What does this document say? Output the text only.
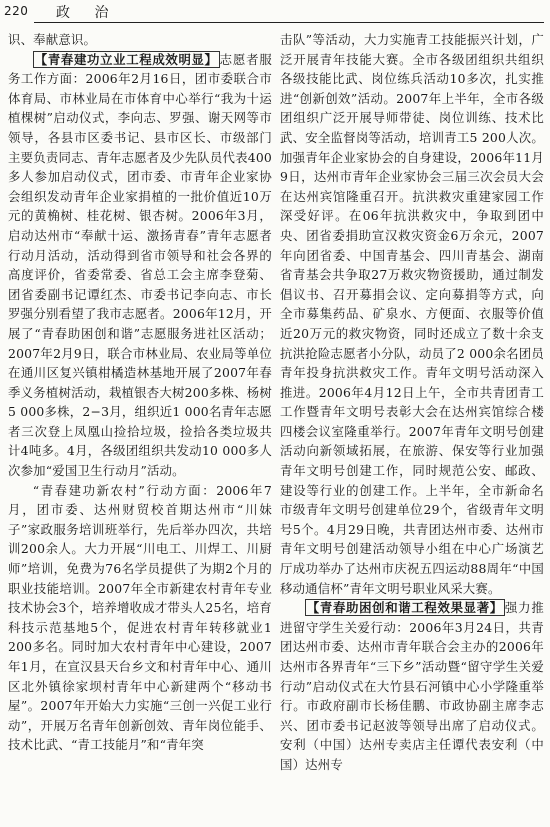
220 政 治

识、奉献意识。

【青春建功立业工程成效明显】 志愿者服务工作方面：2006年2月16日，团市委联合市体育局、市林业局在市体育中心举行“我为十运植棵树”启动仪式，李向志、罗强、谢天网等市领导，各县市区委书记、县市区长、市级部门主要负责同志、青年志愿者及少先队员代表400多人参加启动仪式，团市委、市青年企业家协会组织发动青年企业家捐植的一批价值近10万元的黄桷树、桂花树、银杏树。2006年3月，启动达州市“奉献十运、激扬青春”青年志愿者行动月活动，活动得到省市领导和社会各界的高度评价，省委常委、省总工会主席李登菊、团省委副书记谭红杰、市委书记李向志、市长罗强分别看望了我市志愿者。2006年12月，开展了“青春助困创和谐”志愿服务进社区活动；2007年2月9日，联合市林业局、农业局等单位在通川区复兴镇柑橘造林基地开展了2007年春季义务植树活动，栽植银杏大树200多株、杨树5 000多株，2−3月，组织近1 000名青年志愿者三次登上凤凰山捡拾垃圾，捡拾各类垃圾共计4吨多。4月，各级团组织共发动10 000多人次参加“爱国卫生行动月”活动。

“青春建功新农村”行动方面：2006年7月，团市委、达州财贸校首期达州市“川妹子”家政服务培训班举行，先后举办四次，共培训200余人。大力开展“川电工、川焊工、川厨师”培训，免费为76名学员提供了为期2个月的职业技能培训。2007年全市新建农村青年专业技术协会3个，培养增收成才带头人25名，培育科技示范基地5个，促进农村青年转移就业1 200多名。同时加大农村青年中心建设，2007年1月，在宣汉县天台乡文和村青年中心、通川区北外镇徐家坝村青年中心新建两个“移动书屋”。2007年开始大力实施“三创一兴促工业行动”，开展万名青年创新创效、青年岗位能手、技术比武、“青工技能月”和“青年突

击队”等活动，大力实施青工技能振兴计划，广泛开展青年技能大赛。全市各级团组织共组织各级技能比武、岗位练兵活动10多次，扎实推进“创新创效”活动。2007年上半年，全市各级团组织广泛开展导师带徒、岗位训练、技术比武、安全监督岗等活动，培训青工5 200人次。加强青年企业家协会的自身建设，2006年11月9日，达州市青年企业家协会三届三次会员大会在达州宾馆隆重召开。抗洪救灾重建家园工作深受好评。在06年抗洪救灾中，争取到团中央、团省委捐助宣汉救灾资金6万余元，2007年向团省委、中国青基会、四川青基会、湖南省青基会共争取27万救灾物资援助，通过制发倡议书、召开募捐会议、定向募捐等方式，向全市募集药品、矿泉水、方便面、衣服等价值近20万元的救灾物资，同时还成立了数十余支抗洪抢险志愿者小分队，动员了2 000余名团员青年投身抗洪救灾工作。青年文明号活动深入推进。2006年4月12日上午，全市共青团青工工作暨青年文明号表彰大会在达州宾馆综合楼四楼会议室隆重举行。2007年青年文明号创建活动向新领域拓展，在旅游、保安等行业加强青年文明号创建工作，同时规范公安、邮政、建设等行业的创建工作。上半年，全市新命名市级青年文明号创建单位29个，省级青年文明号5个。4月29日晚，共青团达州市委、达州市青年文明号创建活动领导小组在中心广场演艺厅成功举办了达州市庆祝五四运动88周年“中国移动通信杯”青年文明号职业风采大赛。

【青春助困创和谐工程效果显著】 强力推进留守学生关爱行动：2006年3月24日，共青团达州市委、达州市青年联合会主办的2006年达州市各界青年“三下乡”活动暨“留守学生关爱行动”启动仪式在大竹县石河镇中心小学隆重举行。市政府副市长杨佳鹏、市政协副主席李志兴、团市委书记赵波等领导出席了启动仪式。安利（中国）达州专卖店主任谭代表安利（中国）达州专
